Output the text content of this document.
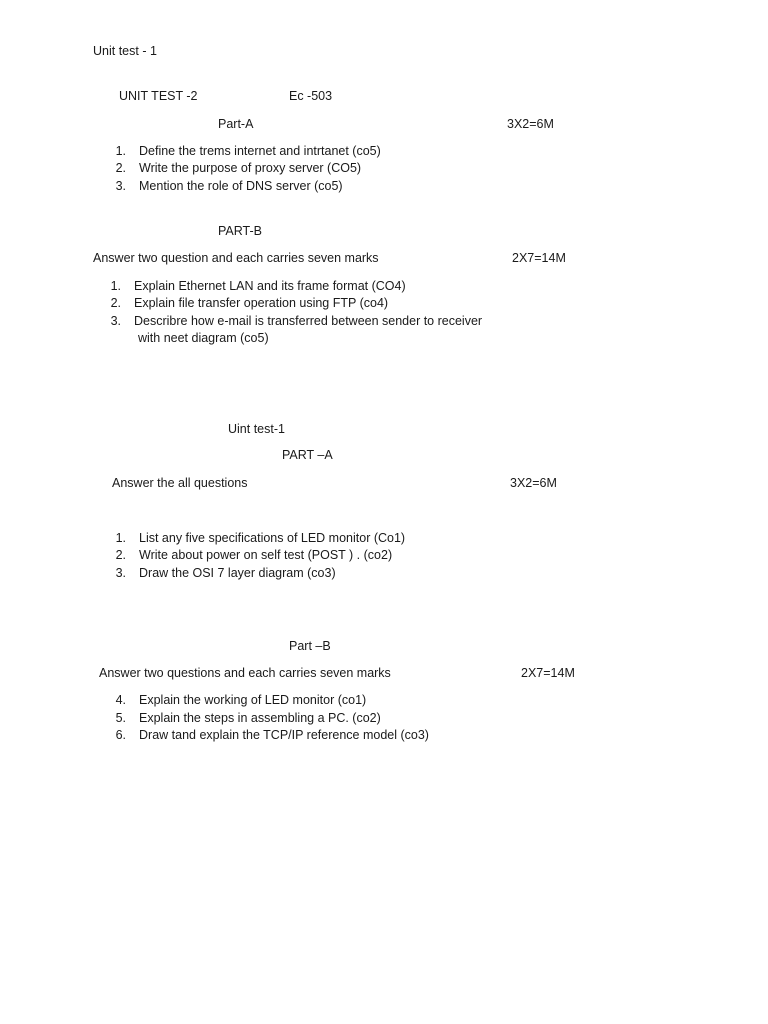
Unit test - 1
UNIT TEST -2	Ec -503
Part-A	3X2=6M
1. Define the trems internet and intrtanet (co5)
2. Write the purpose of proxy server (CO5)
3. Mention the role of DNS server (co5)
PART-B
Answer two question and each carries seven marks	2X7=14M
1. Explain Ethernet LAN and its frame format (CO4)
2. Explain file transfer operation using FTP (co4)
3. Describre how e-mail is transferred between sender to receiver
with neet diagram (co5)
Uint test-1
PART –A
Answer the all questions	3X2=6M
1. List any five specifications of LED monitor (Co1)
2. Write about power on self test (POST ) . (co2)
3. Draw the OSI 7 layer diagram (co3)
Part –B
Answer two questions and each carries seven marks	2X7=14M
4. Explain the working of LED monitor (co1)
5. Explain the steps in assembling a PC. (co2)
6. Draw tand explain the TCP/IP reference model (co3)
